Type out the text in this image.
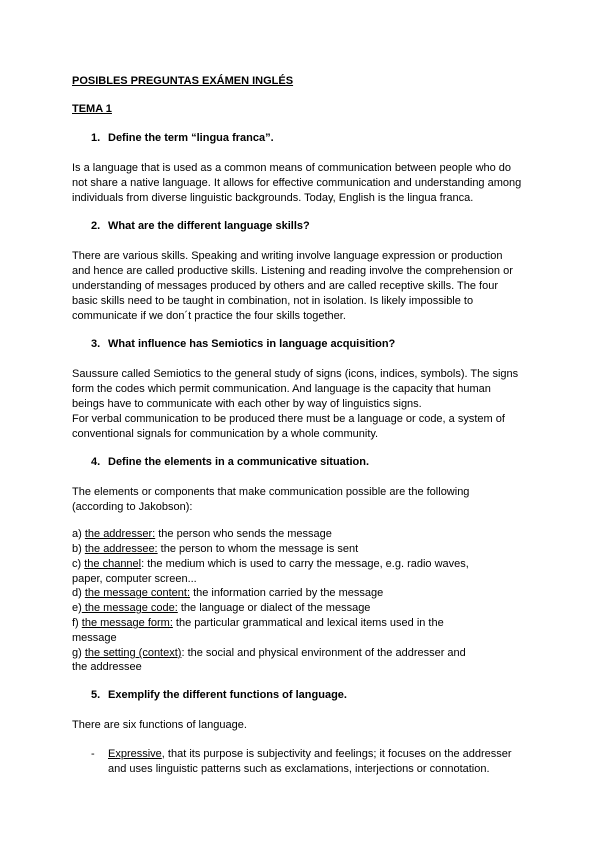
POSIBLES PREGUNTAS EXÁMEN INGLÉS
TEMA 1
1. Define the term “lingua franca”.
Is a language that is used as a common means of communication between people who do
not share a native language. It allows for effective communication and understanding among
individuals from diverse linguistic backgrounds. Today, English is the lingua franca.
2. What are the different language skills?
There are various skills. Speaking and writing involve language expression or production
and hence are called productive skills. Listening and reading involve the comprehension or
understanding of messages produced by others and are called receptive skills. The four
basic skills need to be taught in combination, not in isolation. Is likely impossible to
communicate if we don´t practice the four skills together.
3. What influence has Semiotics in language acquisition?
Saussure called Semiotics to the general study of signs (icons, indices, symbols). The signs
form the codes which permit communication. And language is the capacity that human
beings have to communicate with each other by way of linguistics signs.
For verbal communication to be produced there must be a language or code, a system of
conventional signals for communication by a whole community.
4. Define the elements in a communicative situation.
The elements or components that make communication possible are the following
(according to Jakobson):
a) the addresser: the person who sends the message
b) the addressee: the person to whom the message is sent
c) the channel: the medium which is used to carry the message, e.g. radio waves,
paper, computer screen...
d) the message content: the information carried by the message
e) the message code: the language or dialect of the message
f) the message form: the particular grammatical and lexical items used in the
message
g) the setting (context): the social and physical environment of the addresser and
the addressee
5. Exemplify the different functions of language.
There are six functions of language.
- Expressive, that its purpose is subjectivity and feelings; it focuses on the addresser
and uses linguistic patterns such as exclamations, interjections or connotation.
